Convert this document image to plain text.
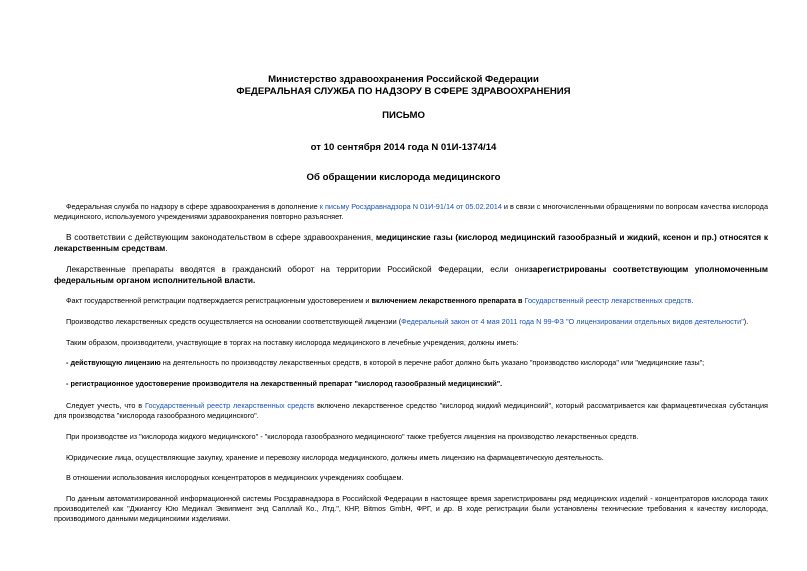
Министерство здравоохранения Российской Федерации
ФЕДЕРАЛЬНАЯ СЛУЖБА ПО НАДЗОРУ В СФЕРЕ ЗДРАВООХРАНЕНИЯ
ПИСЬМО
от 10 сентября 2014 года N 01И-1374/14
Об обращении кислорода медицинского

Федеральная служба по надзору в сфере здравоохранения в дополнение к письму Росздравнадзора N 01И-91/14 от 05.02.2014 и в связи с многочисленными обращениями по вопросам качества кислорода медицинского, используемого учреждениями здравоохранения повторно разъясняет.

В соответствии с действующим законодательством в сфере здравоохранения, медицинские газы (кислород медицинский газообразный и жидкий, ксенон и пр.) относятся к лекарственным средствам.

Лекарственные препараты вводятся в гражданский оборот на территории Российской Федерации, если онизарегистрированы соответствующим уполномоченным федеральным органом исполнительной власти.

Факт государственной регистрации подтверждается регистрационным удостоверением и включением лекарственного препарата в Государственный реестр лекарственных средств.

Производство лекарственных средств осуществляется на основании соответствующей лицензии (Федеральный закон от 4 мая 2011 года N 99-ФЗ "О лицензировании отдельных видов деятельности").

Таким образом, производители, участвующие в торгах на поставку кислорода медицинского в лечебные учреждения, должны иметь:

- действующую лицензию на деятельность по производству лекарственных средств, в которой в перечне работ должно быть указано "производство кислорода" или "медицинские газы";

- регистрационное удостоверение производителя на лекарственный препарат "кислород газообразный медицинский".

Следует учесть, что в Государственный реестр лекарственных средств включено лекарственное средство "кислород жидкий медицинский", который рассматривается как фармацевтическая субстанция для производства "кислорода газообразного медицинского".

При производстве из "кислорода жидкого медицинского" - "кислорода газообразного медицинского" также требуется лицензия на производство лекарственных средств.

Юридические лица, осуществляющие закупку, хранение и перевозку кислорода медицинского, должны иметь лицензию на фармацевтическую деятельность.

В отношении использования кислородных концентраторов в медицинских учреждениях сообщаем.

По данным автоматизированной информационной системы Росздравнадзора в Российской Федерации в настоящее время зарегистрированы ряд медицинских изделий - концентраторов кислорода таких производителей как "Джиангсу Юю Медикал Эквипмент энд Сапллай Ко., Лтд.", КНР, Bitmos GmbH, ФРГ, и др. В ходе регистрации были установлены технические требования к качеству кислорода, производимого данными медицинскими изделиями.
